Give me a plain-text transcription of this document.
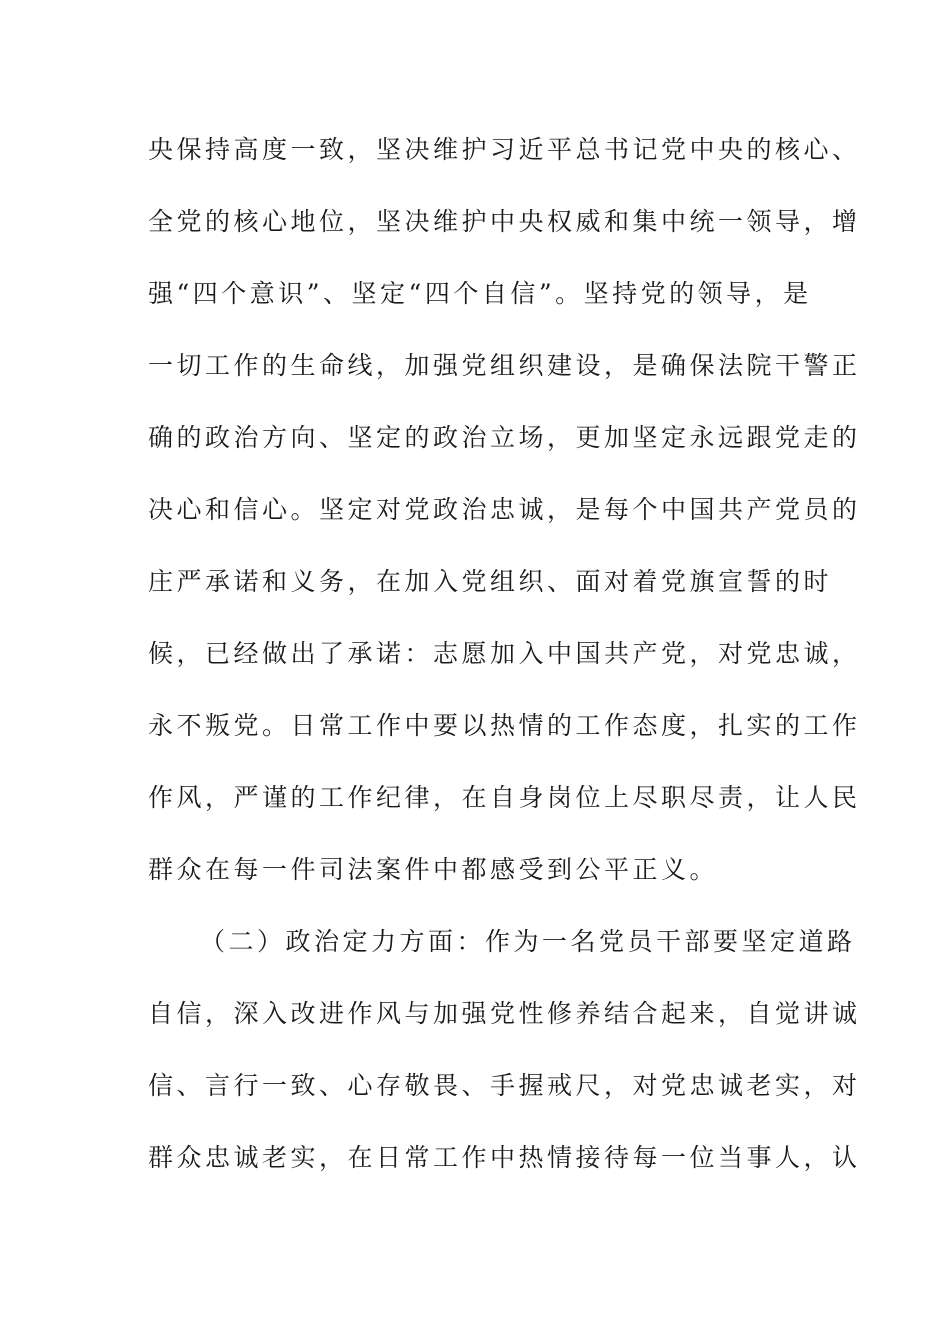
央保持高度一致，坚决维护习近平总书记党中央的核心、
全党的核心地位，坚决维护中央权威和集中统一领导，增
强“四个意识”、坚定“四个自信”。坚持党的领导，是
一切工作的生命线，加强党组织建设，是确保法院干警正
确的政治方向、坚定的政治立场，更加坚定永远跟党走的
决心和信心。坚定对党政治忠诚，是每个中国共产党员的
庄严承诺和义务，在加入党组织、面对着党旗宣誓的时
候，已经做出了承诺：志愿加入中国共产党，对党忠诚，
永不叛党。日常工作中要以热情的工作态度，扎实的工作
作风，严谨的工作纪律，在自身岗位上尽职尽责，让人民
群众在每一件司法案件中都感受到公平正义。
（二）政治定力方面：作为一名党员干部要坚定道路
自信，深入改进作风与加强党性修养结合起来，自觉讲诚
信、言行一致、心存敬畏、手握戒尺，对党忠诚老实，对
群众忠诚老实，在日常工作中热情接待每一位当事人，认
